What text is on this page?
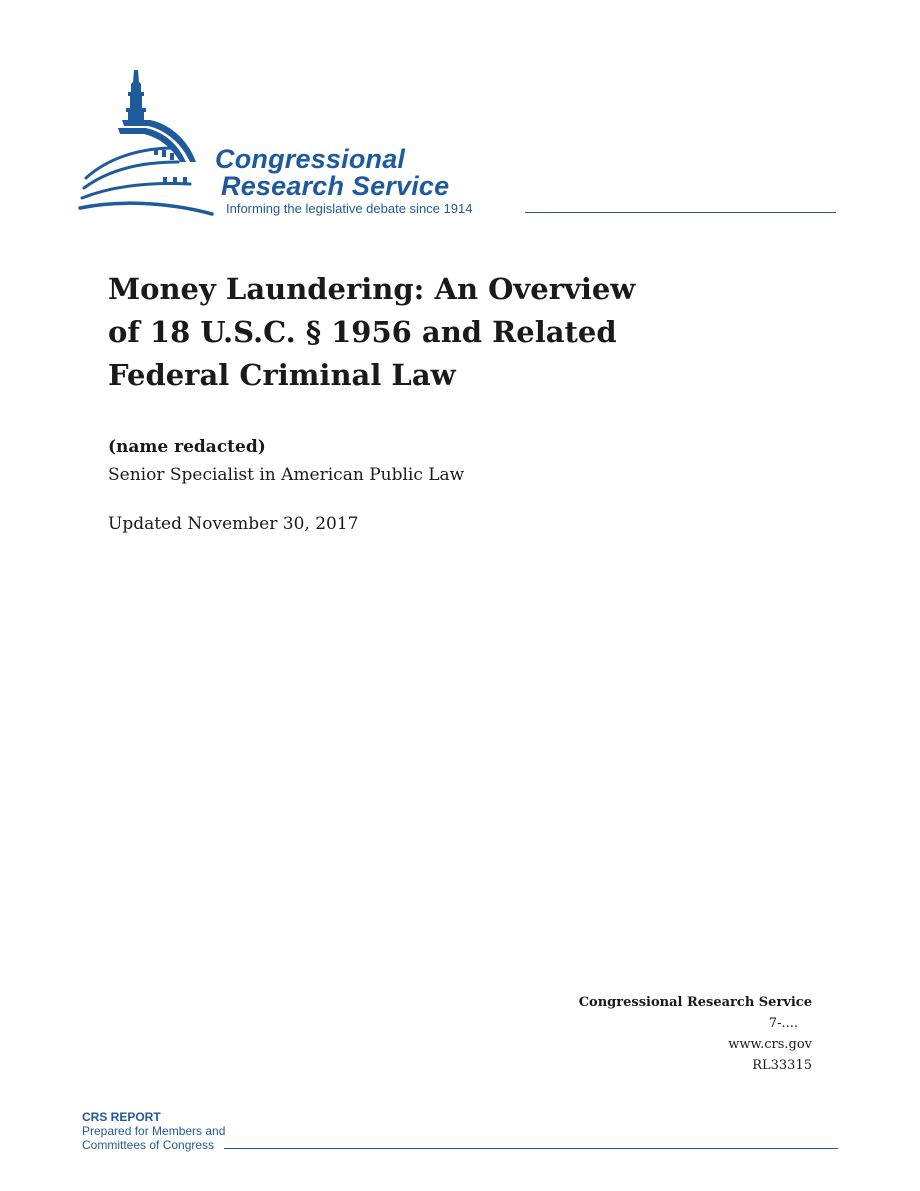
Congressional
Research Service
Informing the legislative debate since 1914
Money Laundering: An Overview
of 18 U.S.C. § 1956 and Related
Federal Criminal Law
(name redacted)
Senior Specialist in American Public Law
Updated November 30, 2017
Congressional Research Service
7-....
www.crs.gov
RL33315
CRS REPORT
Prepared for Members and
Committees of Congress
